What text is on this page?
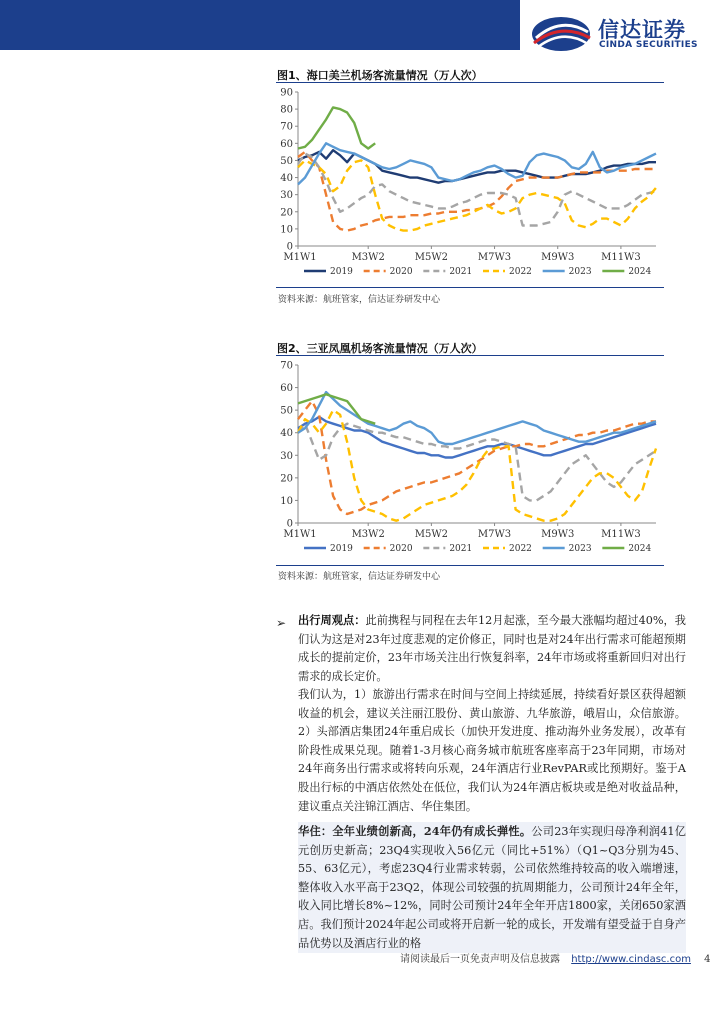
信达证券
CINDA SECURITIES
图1、海口美兰机场客流量情况（万人次）
0
10
20
30
40
50
60
70
80
90
M1W1	M3W2	M5W2	M7W3	M9W3	M11W3
2019	2020	2021	2022	2023	2024
资料来源：航班管家，信达证券研发中心
图2、三亚凤凰机场客流量情况（万人次）
0
10
20
30
40
50
60
70
M1W1	M3W2	M5W2	M7W3	M9W3	M11W3
2019	2020	2021	2022	2023	2024
资料来源：航班管家，信达证券研发中心
➢ 出行周观点：此前携程与同程在去年12月起涨，至今最大涨幅均超过40%，我们认为这是对23年过度悲观的定价修正，同时也是对24年出行需求可能超预期成长的提前定价，23年市场关注出行恢复斜率，24年市场或将重新回归对出行需求的成长定价。
我们认为，1）旅游出行需求在时间与空间上持续延展，持续看好景区获得超额收益的机会，建议关注丽江股份、黄山旅游、九华旅游，峨眉山，众信旅游。2）头部酒店集团24年重启成长（加快开发进度、推动海外业务发展），改革有阶段性成果兑现。随着1-3月核心商务城市航班客座率高于23年同期，市场对24年商务出行需求或将转向乐观，24年酒店行业RevPAR或比预期好。鉴于A股出行标的中酒店依然处在低位，我们认为24年酒店板块或是绝对收益品种，建议重点关注锦江酒店、华住集团。
华住：全年业绩创新高，24年仍有成长弹性。公司23年实现归母净利润41亿元创历史新高；23Q4实现收入56亿元（同比+51%）（Q1~Q3分别为45、55、63亿元），考虑23Q4行业需求转弱，公司依然维持较高的收入端增速，整体收入水平高于23Q2，体现公司较强的抗周期能力，公司预计24年全年，收入同比增长8%~12%，同时公司预计24年全年开店1800家，关闭650家酒店。我们预计2024年起公司或将开启新一轮的成长，开发端有望受益于自身产品优势以及酒店行业的格
请阅读最后一页免责声明及信息披露 http://www.cindasc.com 4
